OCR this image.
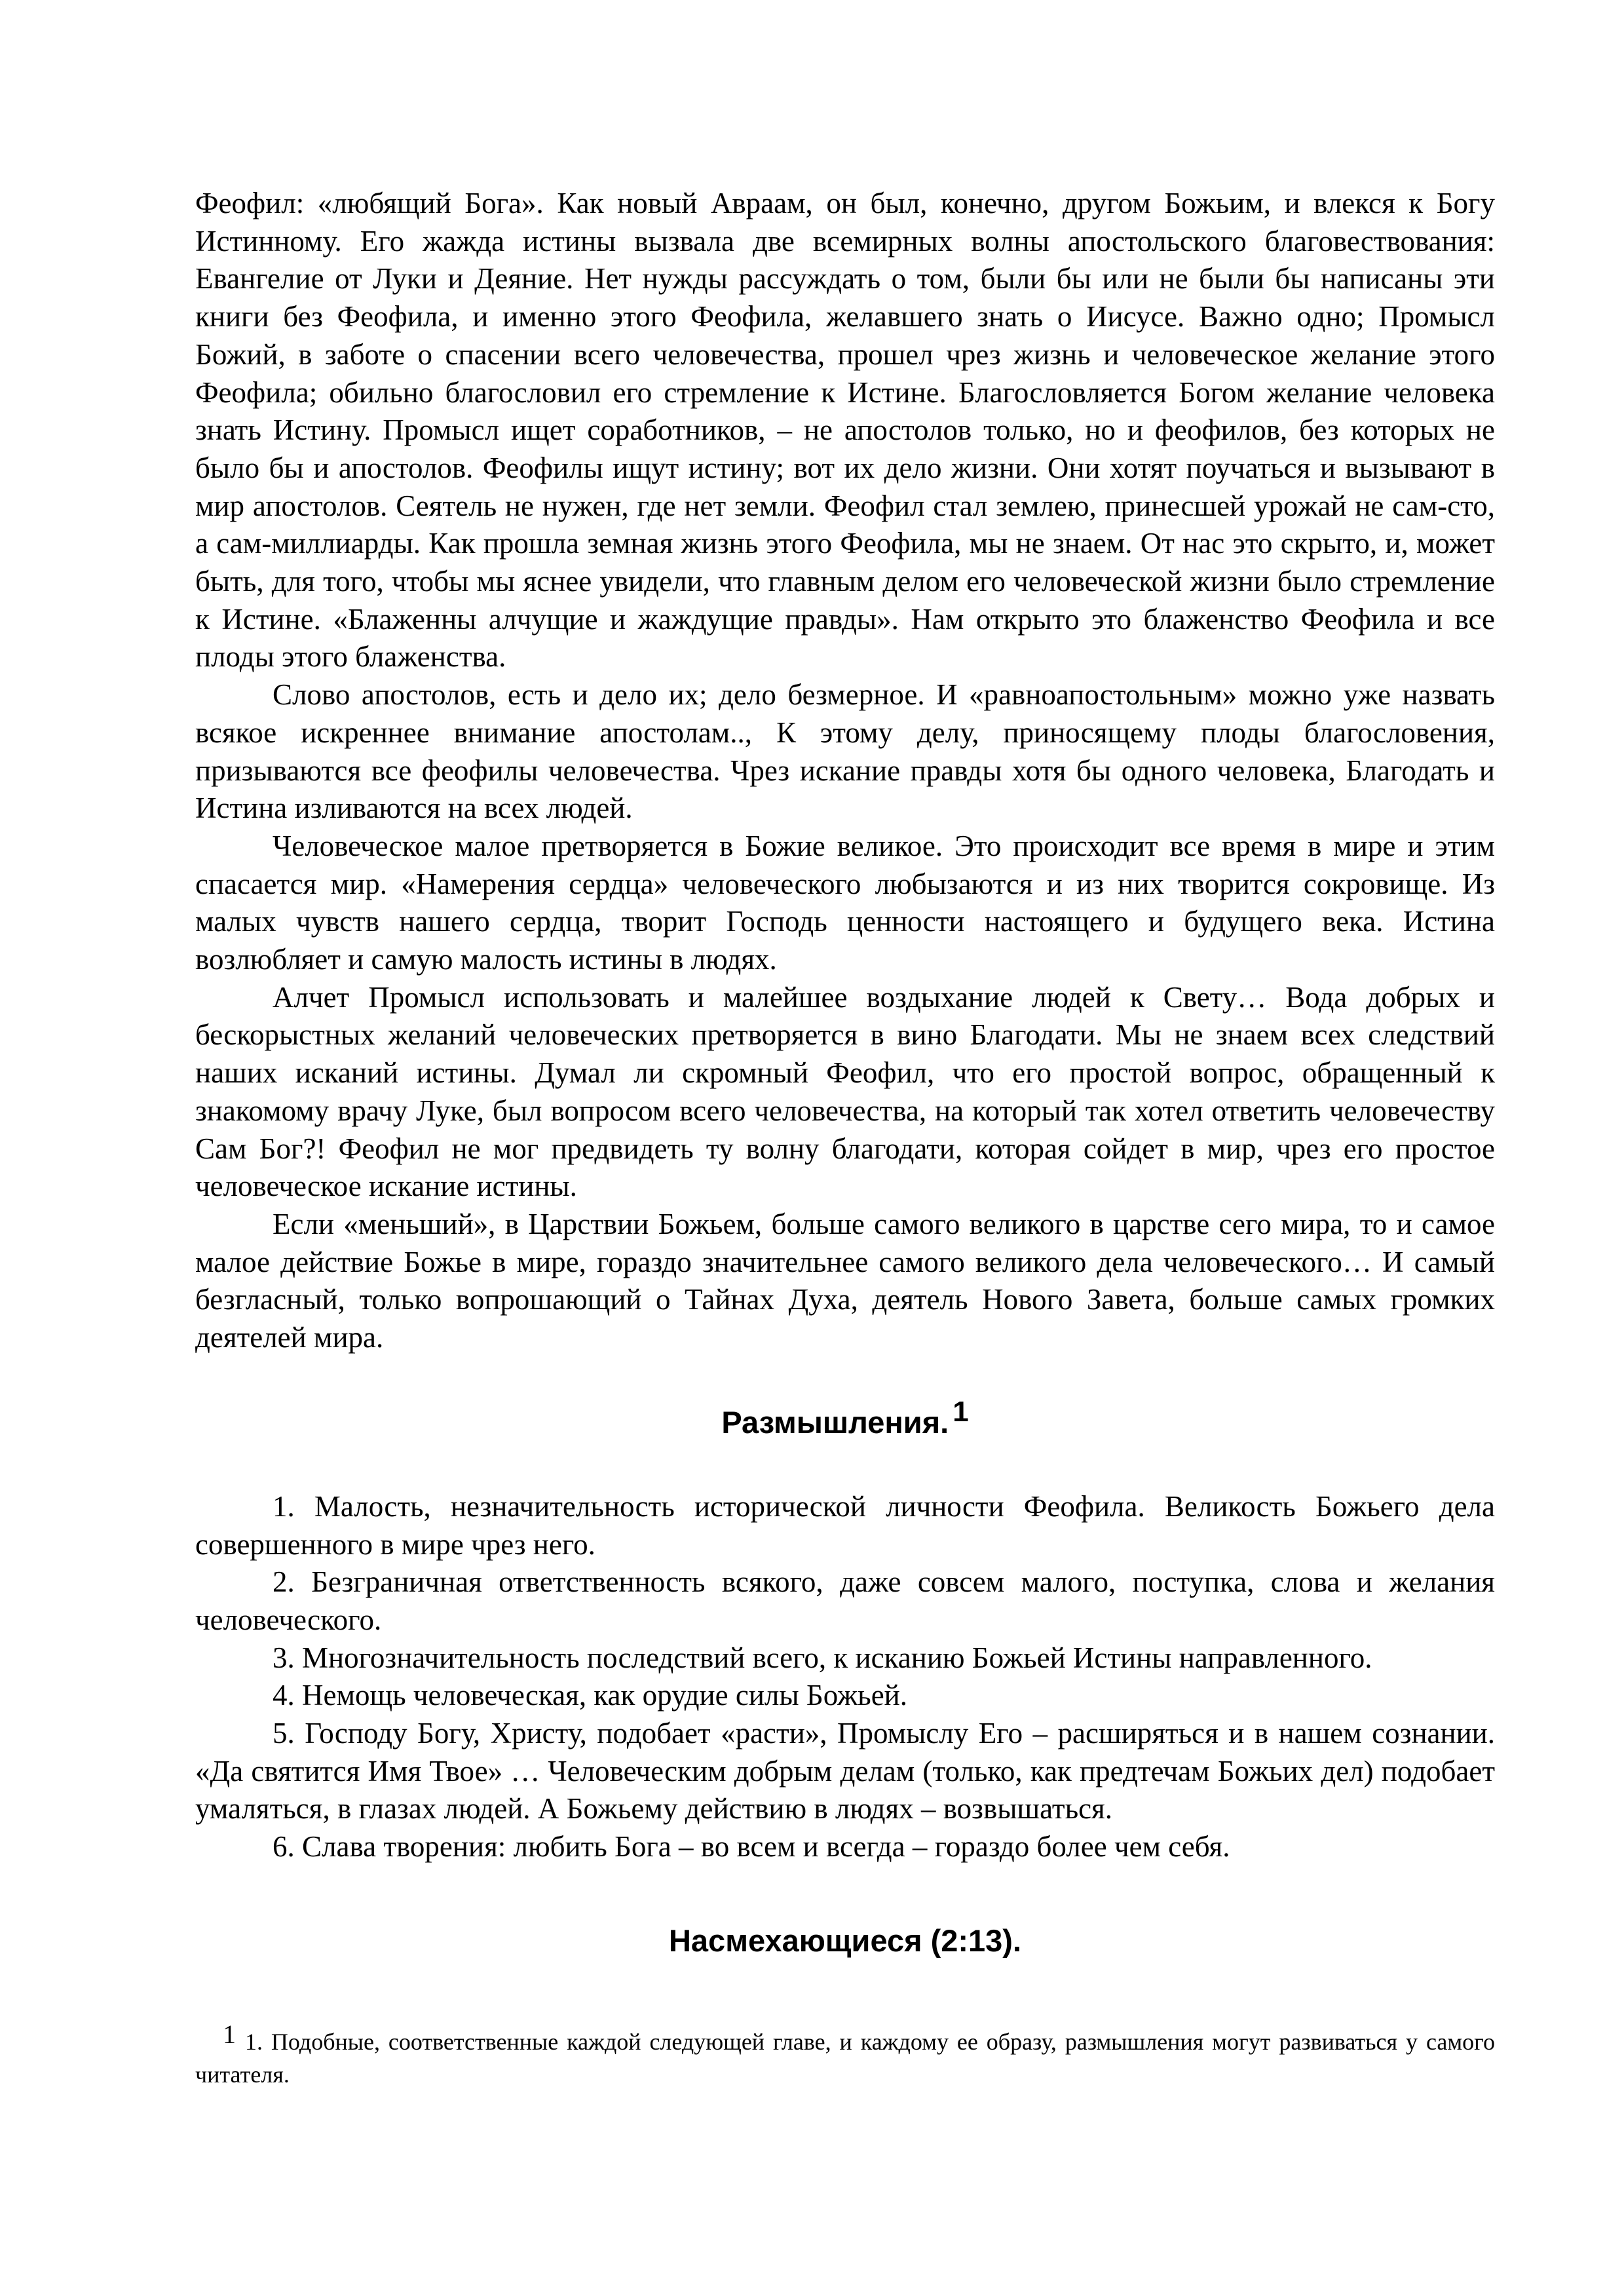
Феофил: «любящий Бога». Как новый Авраам, он был, конечно, другом Божьим, и влекся к Богу Истинному. Его жажда истины вызвала две всемирных волны апостольского благовествования: Евангелие от Луки и Деяние. Нет нужды рассуждать о том, были бы или не были бы написаны эти книги без Феофила, и именно этого Феофила, желавшего знать о Иисусе. Важно одно; Промысл Божий, в заботе о спасении всего человечества, прошел чрез жизнь и человеческое желание этого Феофила; обильно благословил его стремление к Истине. Благословляется Богом желание человека знать Истину. Промысл ищет соработников, – не апостолов только, но и феофилов, без которых не было бы и апостолов. Феофилы ищут истину; вот их дело жизни. Они хотят поучаться и вызывают в мир апостолов. Сеятель не нужен, где нет земли. Феофил стал землею, принесшей урожай не сам-сто, а сам-миллиарды. Как прошла земная жизнь этого Феофила, мы не знаем. От нас это скрыто, и, может быть, для того, чтобы мы яснее увидели, что главным делом его человеческой жизни было стремление к Истине. «Блаженны алчущие и жаждущие правды». Нам открыто это блаженство Феофила и все плоды этого блаженства.

Слово апостолов, есть и дело их; дело безмерное. И «равноапостольным» можно уже назвать всякое искреннее внимание апостолам.., К этому делу, приносящему плоды благословения, призываются все феофилы человечества. Чрез искание правды хотя бы одного человека, Благодать и Истина изливаются на всех людей.

Человеческое малое претворяется в Божие великое. Это происходит все время в мире и этим спасается мир. «Намерения сердца» человеческого любызаются и из них творится сокровище. Из малых чувств нашего сердца, творит Господь ценности настоящего и будущего века. Истина возлюбляет и самую малость истины в людях.

Алчет Промысл использовать и малейшее воздыхание людей к Свету… Вода добрых и бескорыстных желаний человеческих претворяется в вино Благодати. Мы не знаем всех следствий наших исканий истины. Думал ли скромный Феофил, что его простой вопрос, обращенный к знакомому врачу Луке, был вопросом всего человечества, на который так хотел ответить человечеству Сам Бог?! Феофил не мог предвидеть ту волну благодати, которая сойдет в мир, чрез его простое человеческое искание истины.

Если «меньший», в Царствии Божьем, больше самого великого в царстве сего мира, то и самое малое действие Божье в мире, гораздо значительнее самого великого дела человеческого… И самый безгласный, только вопрошающий о Тайнах Духа, деятель Нового Завета, больше самых громких деятелей мира.

Размышления. $^1$

1. Малость, незначительность исторической личности Феофила. Великость Божьего дела совершенного в мире чрез него.

2. Безграничная ответственность всякого, даже совсем малого, поступка, слова и желания человеческого.

3. Многозначительность последствий всего, к исканию Божьей Истины направленного.

4. Немощь человеческая, как орудие силы Божьей.

5. Господу Богу, Христу, подобает «расти», Промыслу Его – расширяться и в нашем сознании. «Да святится Имя Твое» … Человеческим добрым делам (только, как предтечам Божьих дел) подобает умаляться, в глазах людей. А Божьему действию в людях – возвышаться.

6. Слава творения: любить Бога – во всем и всегда – гораздо более чем себя.

Насмехающиеся (2:13).
1 1. Подобные, соответственные каждой следующей главе, и каждому ее образу, размышления могут развиваться у самого читателя.
